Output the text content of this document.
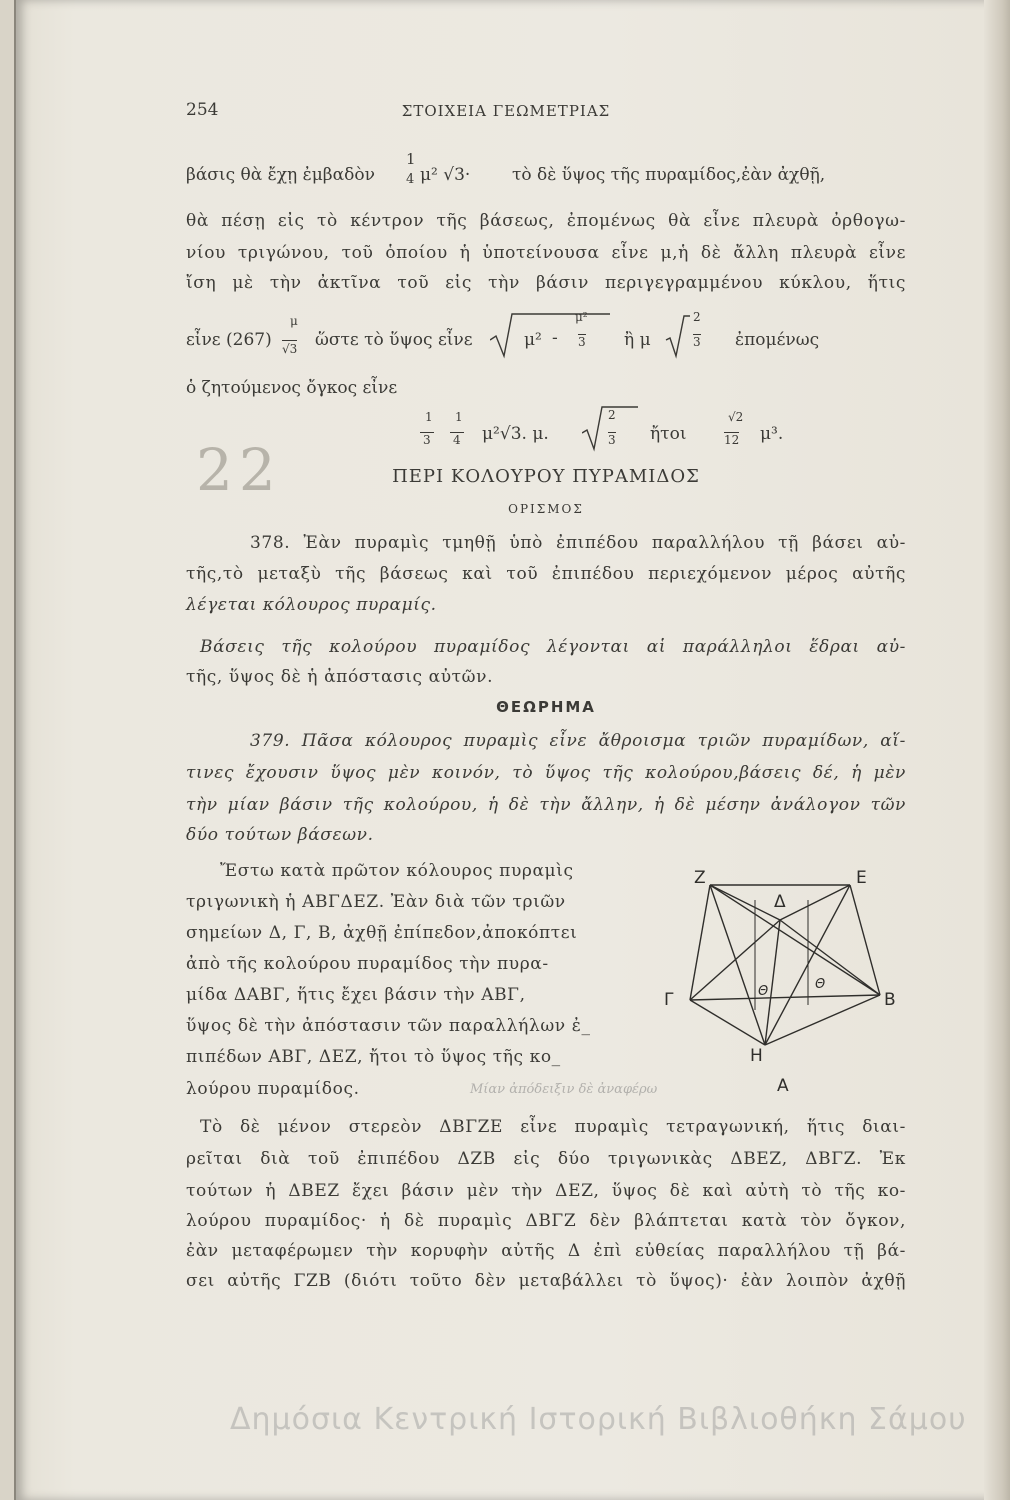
254	ΣΤΟΙΧΕΙΑ ΓΕΩΜΕΤΡΙΑΣ
βάσις θὰ ἔχῃ ἐμβαδὸν
1
4 μ² √3· τὸ δὲ ὕψος τῆς πυραμίδος,ἐὰν ἀχθῇ,
θὰ πέσῃ εἰς τὸ κέντρον τῆς βάσεως, ἐπομένως θὰ εἶνε πλευρὰ ὀρθογω-
νίου τριγώνου, τοῦ ὁποίου ἡ ὑποτείνουσα εἶνε μ,ἡ δὲ ἄλλη πλευρὰ εἶνε
ἴση μὲ τὴν ἀκτῖνα τοῦ εἰς τὴν βάσιν περιγεγραμμένου κύκλου, ἥτις
εἶνε (267)
μ
√3 ὥστε τὸ ὕψος εἶνε	μ² -
μ²
3 ἢ μ
2
3 ἐπομένως
ὁ ζητούμενος ὄγκος εἶνε
1
3
1
4 μ²√3. μ.
2
3 ἤτοι
√2
12 μ³.
22	ΠΕΡΙ ΚΟΛΟΥΡΟΥ ΠΥΡΑΜΙΔΟΣ
ΟΡΙΣΜΟΣ
378. Ἐὰν πυραμὶς τμηθῇ ὑπὸ ἐπιπέδου παραλλήλου τῇ βάσει αὐ-
τῆς,τὸ μεταξὺ τῆς βάσεως καὶ τοῦ ἐπιπέδου περιεχόμενον μέρος αὐτῆς
λέγεται κόλουρος πυραμίς.
Βάσεις τῆς κολούρου πυραμίδος λέγονται αἱ παράλληλοι ἕδραι αὐ-
τῆς, ὕψος δὲ ἡ ἀπόστασις αὐτῶν.
ΘΕΩΡΗΜΑ
379. Πᾶσα κόλουρος πυραμὶς εἶνε ἄθροισμα τριῶν πυραμίδων, αἵ-
τινες ἔχουσιν ὕψος μὲν κοινόν, τὸ ὕψος τῆς κολούρου,βάσεις δέ, ἡ μὲν
τὴν μίαν βάσιν τῆς κολούρου, ἡ δὲ τὴν ἄλλην, ἡ δὲ μέσην ἀνάλογον τῶν
δύο τούτων βάσεων.
Ἔστω κατὰ πρῶτον κόλουρος πυραμὶς
τριγωνικὴ ἡ ΑΒΓΔΕΖ. Ἐὰν διὰ τῶν τριῶν
σημείων Δ, Γ, Β, ἀχθῇ ἐπίπεδον,ἀποκόπτει
ἀπὸ τῆς κολούρου πυραμίδος τὴν πυρα-
μίδα ΔΑΒΓ, ἥτις ἔχει βάσιν τὴν ΑΒΓ,
ὕψος δὲ τὴν ἀπόστασιν τῶν παραλλήλων ἐ_
πιπέδων ΑΒΓ, ΔΕΖ, ἤτοι τὸ ὕψος τῆς κο_
λούρου πυραμίδος.	Μίαν ἀπόδειξιν δὲ ἀναφέρω
Ζ
Δ
Ε
Γ	Θ	Θ
Β
Η
Α
Τὸ δὲ μένον στερεὸν ΔΒΓΖΕ εἶνε πυραμὶς τετραγωνική, ἥτις διαι-
ρεῖται διὰ τοῦ ἐπιπέδου ΔΖΒ εἰς δύο τριγωνικὰς ΔΒΕΖ, ΔΒΓΖ. Ἐκ
τούτων ἡ ΔΒΕΖ ἔχει βάσιν μὲν τὴν ΔΕΖ, ὕψος δὲ καὶ αὐτὴ τὸ τῆς κο-
λούρου πυραμίδος· ἡ δὲ πυραμὶς ΔΒΓΖ δὲν βλάπτεται κατὰ τὸν ὄγκον,
ἐὰν μεταφέρωμεν τὴν κορυφὴν αὐτῆς Δ ἐπὶ εὐθείας παραλλήλου τῇ βά-
σει αὐτῆς ΓΖΒ (διότι τοῦτο δὲν μεταβάλλει τὸ ὕψος)· ἐὰν λοιπὸν ἀχθῇ
Δημόσια Κεντρική Ιστορική Βιβλιοθήκη Σάμου
